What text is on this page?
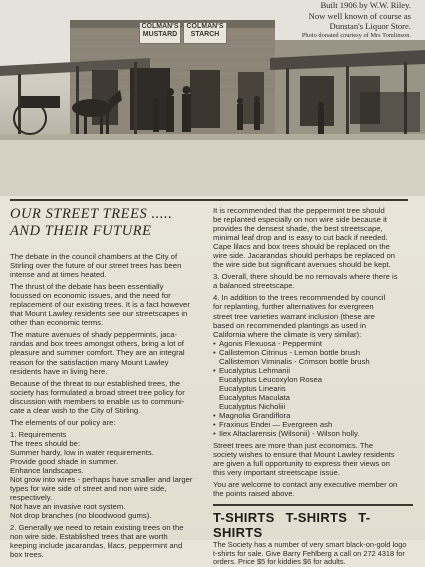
COLMAN'S
MUSTARD
COLMAN'S
STARCH
Built 1906 by W.W. Riley.
Now well known of course as
Dunstan's Liquor Store.
Photo donated courtesy of Mrs Tomlinson.
OUR STREET TREES .....
AND THEIR FUTURE
The debate in the council chambers at the City of
Stirling over the future of our street trees has been
intense and at times heated.
The thrust of the debate has been essentially
focussed on economic issues, and the need for
replacement of our existing trees. It is a fact however
that Mount Lawley residents see our streetscapes in
other than economic terms.
The mature avenues of shady peppermints, jaca-
randas and box trees amongst others, bring a lot of
pleasure and summer comfort. They are an integral
reason for the satisfaction many Mount Lawley
residents have in living here.
Because of the threat to our established trees, the
society has formulated a broad street tree policy for
discussion with members to enable us to communi-
cate a clear wish to the City of Stirling.
The elements of our policy are:
1. Requirements
The trees should be:
Summer hardy, low in water requirements.
Provide good shade in summer.
Enhance landscapes.
Not grow into wires - perhaps have smaller and larger
types for wire side of street and non wire side,
respectively.
Not have an invasive root system.
Not drop branches (no bloodwood gums).
2. Generally we need to retain existing trees on the
non wire side. Established trees that are worth
keeping include jacarandas, lilacs, peppermint and
box trees.
It is recommended that the peppermint tree should
be replanted especially on non wire side because it
provides the densest shade, the best streetscape,
minimal leaf drop and is easy to cut back if needed.
Cape lilacs and box trees should be replaced on the
wire side. Jacarandas should perhaps be replaced on
the wire side but significant avenues should be kept.
3. Overall, there should be no removals where there is
a balanced streetscape.
4. In addition to the trees recommended by council
for replanting, further alternatives for evergreen
street tree varieties warrant inclusion (these are
based on recommended plantings as used in
California where the climate is very similar):
• Agonis Flexuosa - Peppermint
• Callistemon Citrinus - Lemon bottle brush
Callistemon Viminalis - Crimson bottle brush
• Eucalyptus Lehmanii
Eucalyptus Leucoxylon Rosea
Eucalyptus Linearis
Eucalyptus Maculata
Eucalyptus Nicholiii
• Magnolia Grandiflora
• Fraxinus Endei — Evergreen ash
• Ilex Altaclarensis (Wilsonii) - Wilson holly.
Street trees are more than just economics. The
society wishes to ensure that Mount Lawley residents
are given a full opportunity to express their views on
this very important streetscape issue.
You are welcome to contact any executive member on
the points raised above.
T-SHIRTS T-SHIRTS T-SHIRTS
The Society has a number of very smart black-on-gold logo
t-shirts for sale. Give Barry Fehlberg a call on 272 4318 for
orders. Price $5 for kiddies $6 for adults.
